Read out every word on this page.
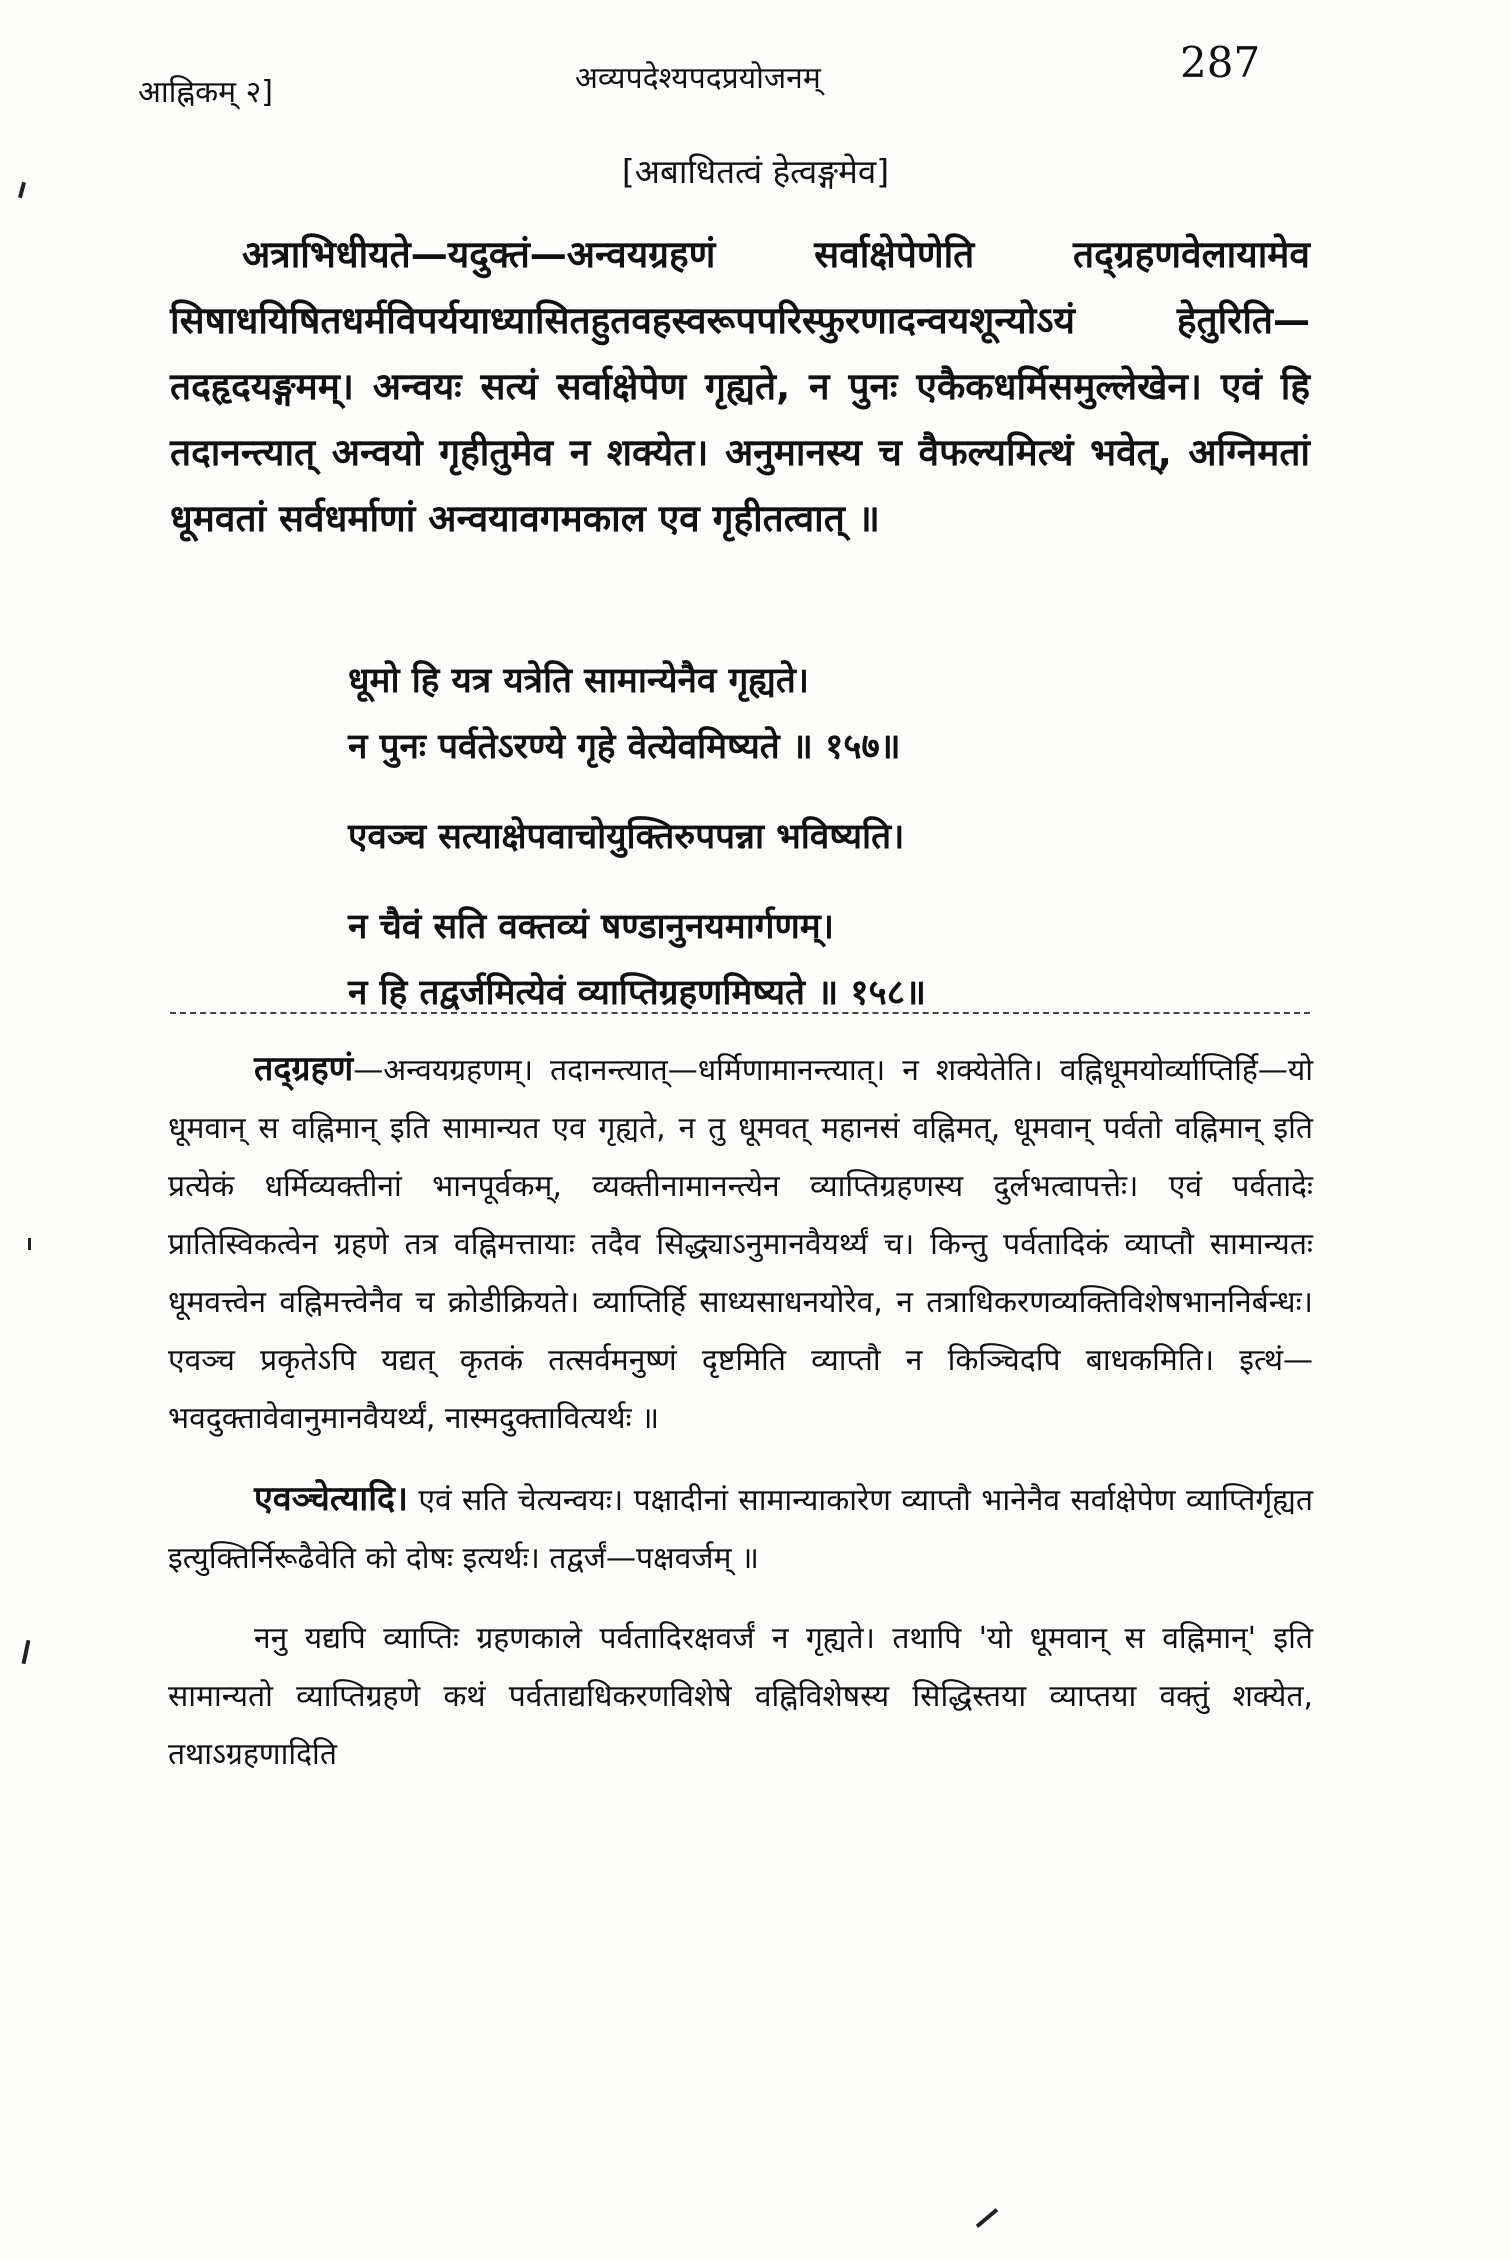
आह्निकम् २]	अव्यपदेश्यपदप्रयोजनम्	287
[अबाधितत्वं हेत्वङ्गमेव]

अत्राभिधीयते—यदुक्तं—अन्वयग्रहणं सर्वाक्षेपेणेति तद्ग्रहणवेलायामेव सिषाधयिषितधर्मविपर्ययाध्यासितहुतवहस्वरूपपरिस्फुरणादन्वयशून्योऽयं हेतुरिति—तदहृदयङ्गमम्। अन्वयः सत्यं सर्वाक्षेपेण गृह्यते, न पुनः एकैकधर्मिसमुल्लेखेन। एवं हि तदानन्त्यात् अन्वयो गृहीतुमेव न शक्येत। अनुमानस्य च वैफल्यमित्थं भवेत्, अग्निमतां धूमवतां सर्वधर्माणां अन्वयावगमकाल एव गृहीतत्वात् ॥

धूमो हि यत्र यत्रेति सामान्येनैव गृह्यते।
न पुनः पर्वतेऽरण्ये गृहे वेत्येवमिष्यते ॥ १५७॥
एवञ्च सत्याक्षेपवाचोयुक्तिरुपपन्ना भविष्यति।
न चैवं सति वक्तव्यं षण्डानुनयमार्गणम्।
न हि तद्वर्जमित्येवं व्याप्तिग्रहणमिष्यते ॥ १५८॥

तद्ग्रहणं—अन्वयग्रहणम्। तदानन्त्यात्—धर्मिणामानन्त्यात्। न शक्येतेति। वह्निधूमयोर्व्याप्तिर्हि—यो धूमवान् स वह्निमान् इति सामान्यत एव गृह्यते, न तु धूमवत् महानसं वह्निमत्, धूमवान् पर्वतो वह्निमान् इति प्रत्येकं धर्मिव्यक्तीनां भानपूर्वकम्, व्यक्तीनामानन्त्येन व्याप्तिग्रहणस्य दुर्लभत्वापत्तेः। एवं पर्वतादेः प्रातिस्विकत्वेन ग्रहणे तत्र वह्निमत्तायाः तदैव सिद्ध्याऽनुमानवैयर्थ्यं च। किन्तु पर्वतादिकं व्याप्तौ सामान्यतः धूमवत्त्वेन वह्निमत्त्वेनैव च क्रोडीक्रियते। व्याप्तिर्हि साध्यसाधनयोरेव, न तत्राधिकरणव्यक्तिविशेषभाननिर्बन्धः। एवञ्च प्रकृतेऽपि यद्यत् कृतकं तत्सर्वमनुष्णं दृष्टमिति व्याप्तौ न किञ्चिदपि बाधकमिति। इत्थं—भवदुक्तावेवानुमानवैयर्थ्यं, नास्मदुक्तावित्यर्थः ॥

एवञ्चेत्यादि। एवं सति चेत्यन्वयः। पक्षादीनां सामान्याकारेण व्याप्तौ भानेनैव सर्वाक्षेपेण व्याप्तिर्गृह्यत इत्युक्तिर्निरूढैवेति को दोषः इत्यर्थः। तद्वर्जं—पक्षवर्जम् ॥

ननु यद्यपि व्याप्तिः ग्रहणकाले पर्वतादिरक्षवर्जं न गृह्यते। तथापि 'यो धूमवान् स वह्निमान्' इति सामान्यतो व्याप्तिग्रहणे कथं पर्वताद्यधिकरणविशेषे वह्निविशेषस्य सिद्धिस्तया व्याप्तया वक्तुं शक्येत, तथाऽग्रहणादिति
